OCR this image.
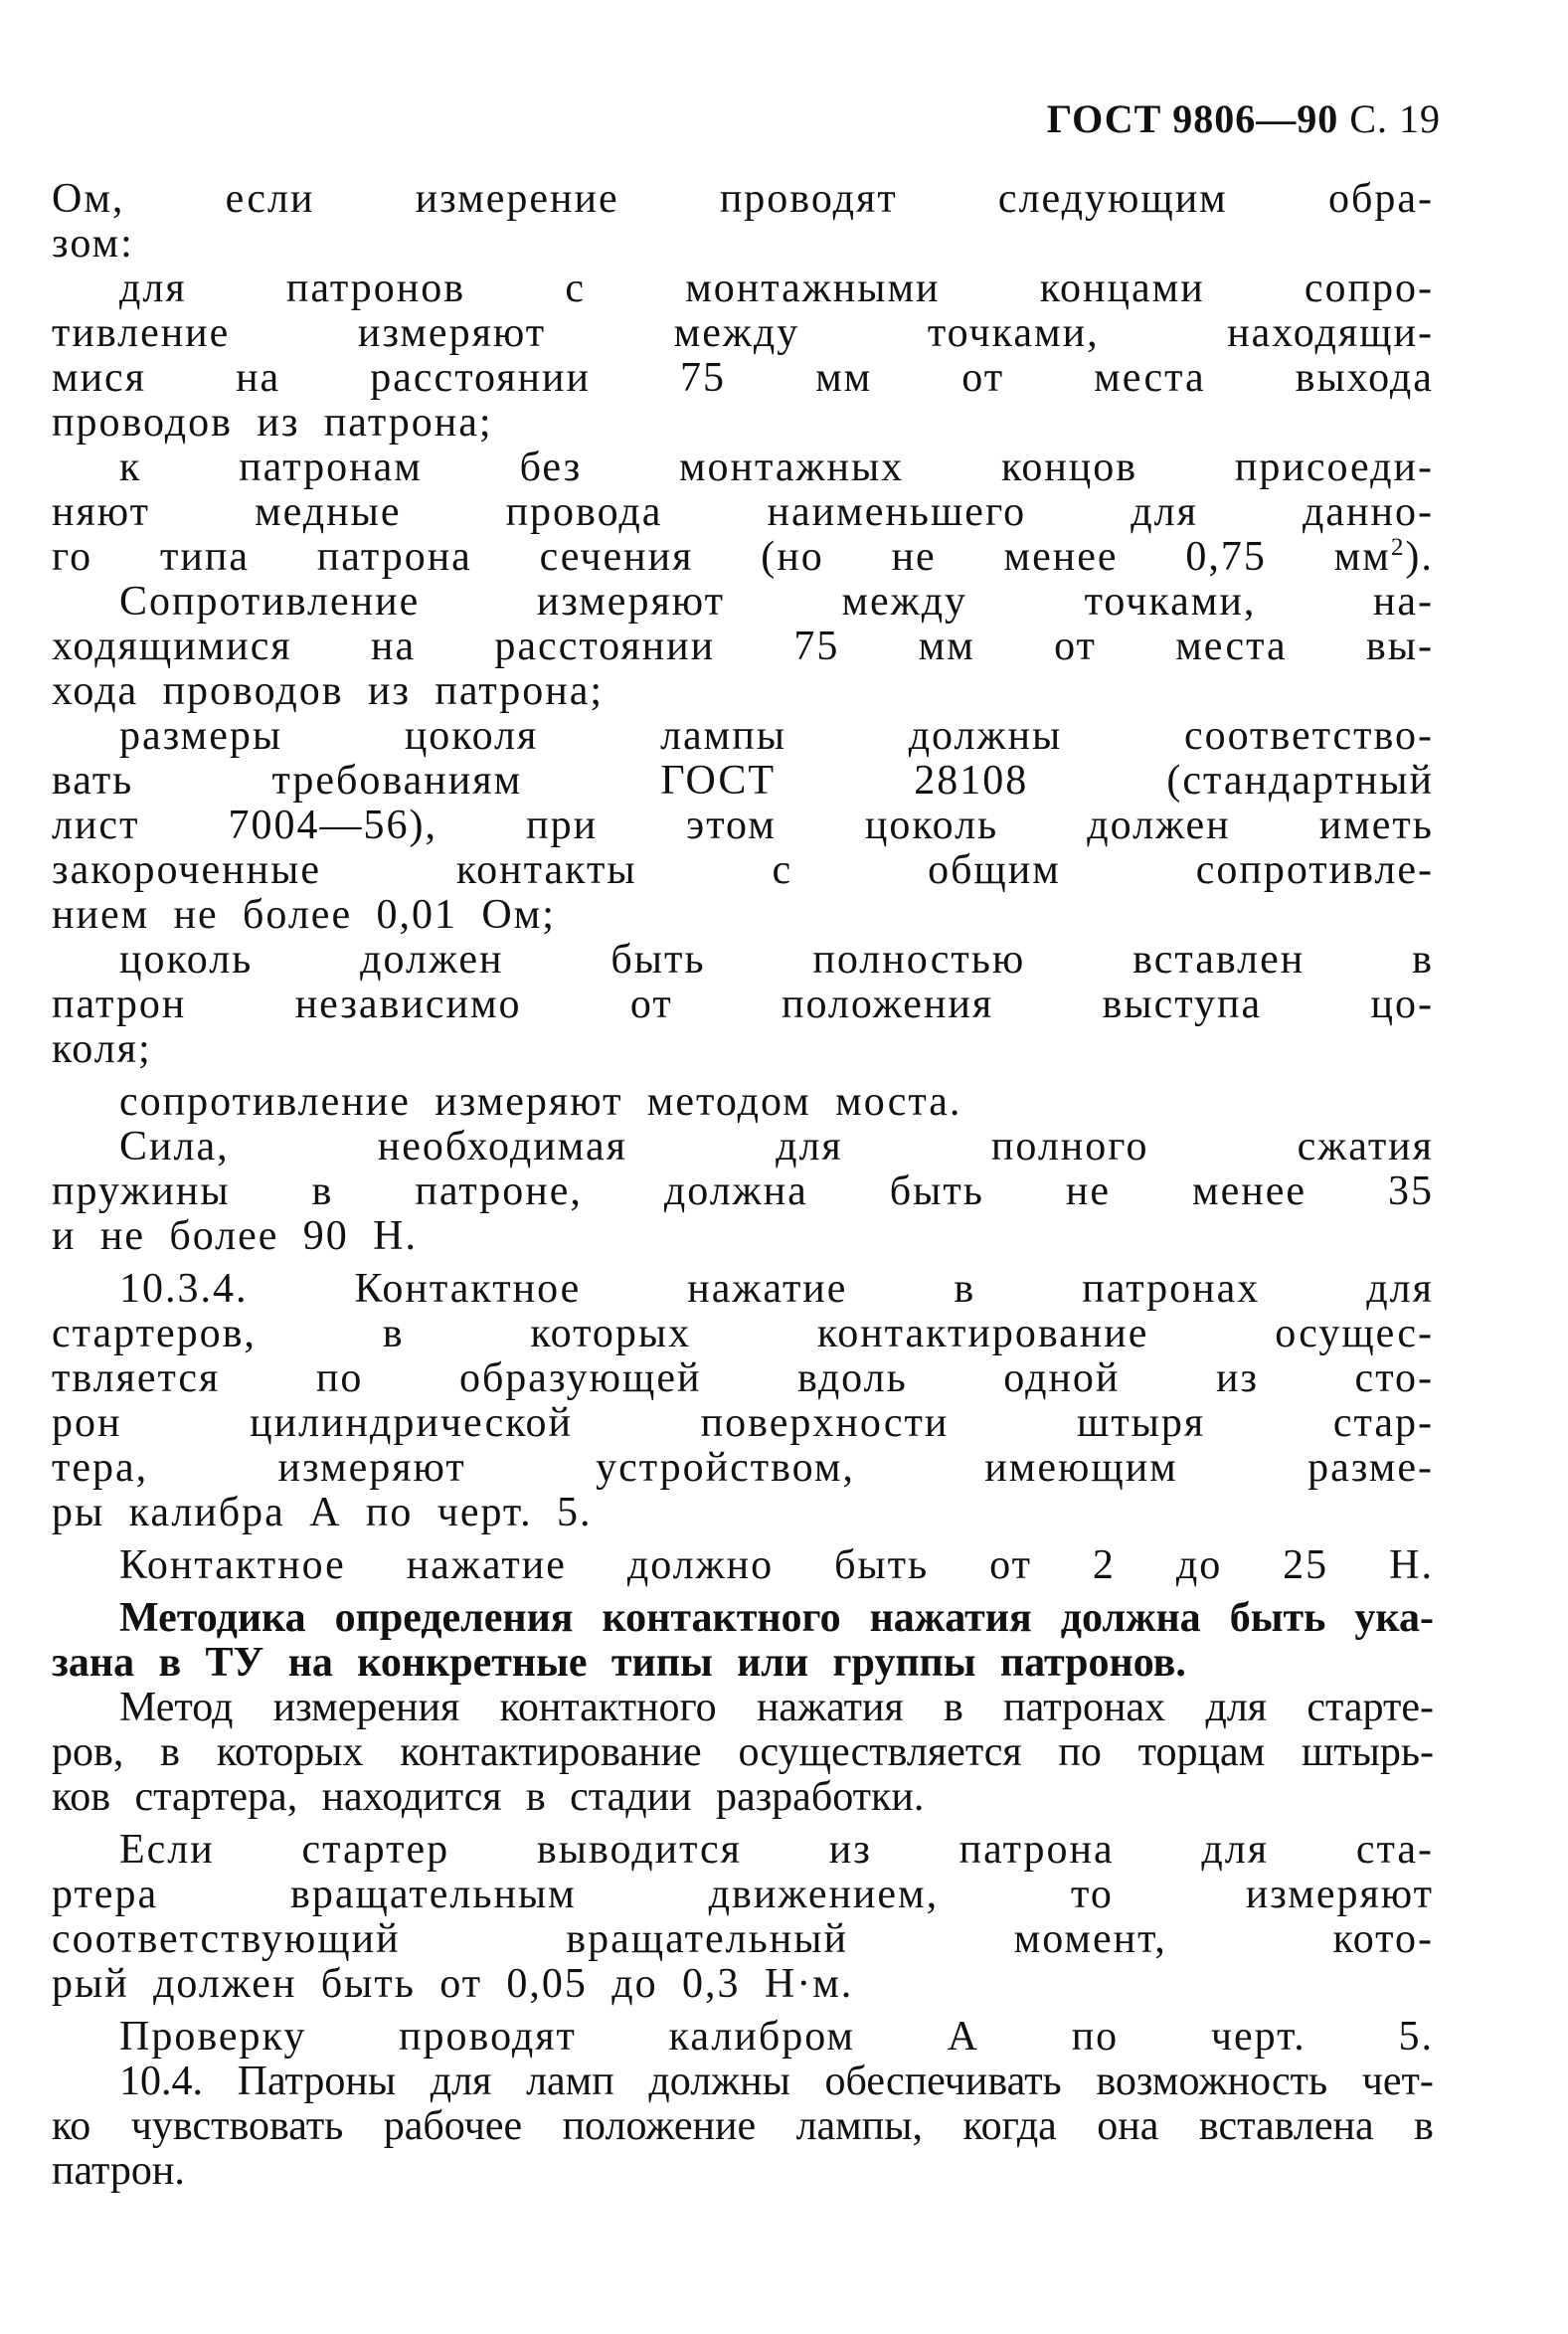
ГОСТ 9806—90 С. 19
Ом, если измерение проводят следующим обра-
зом:
для патронов с монтажными концами сопро-
тивление	измеряют	между	точками,	находящи-
мися на расстоянии 75 мм от места выхода
проводов из патрона;
к патронам без монтажных концов присоеди-
няют	медные	провода	наименьшего	для	данно-
го типа патрона сечения (но не менее 0,75 $мм^2$).
Сопротивление	измеряют	между	точками,	на-
ходящимися на расстоянии 75 мм от места вы-
хода проводов из патрона;
размеры	цоколя	лампы	должны	соответство-
вать	требованиям	ГОСТ	28108	(стандартный
лист 7004—56), при этом цоколь должен иметь
закороченные	контакты	с	общим	сопротивле-
нием не более 0,01 Ом;
цоколь	должен	быть	полностью	вставлен	в
патрон	независимо	от	положения	выступа	цо-
коля;
сопротивление измеряют методом моста.
Сила,	необходимая	для	полного	сжатия
пружины в патроне, должна быть не менее 35
и не более 90 Н.
10.3.4.	Контактное	нажатие	в	патронах	для
стартеров,	в	которых	контактирование	осущес-
твляется по образующей вдоль одной из сто-
рон	цилиндрической	поверхности	штыря	стар-
тера,	измеряют	устройством,	имеющим	разме-
ры калибра А по черт. 5.
Контактное нажатие должно быть от 2 до 25 Н.
Методика определения контактного нажатия должна быть ука-
зана в ТУ на конкретные типы или группы патронов.
Метод измерения контактного нажатия в патронах для старте-
ров, в которых контактирование осуществляется по торцам штырь-
ков стартера, находится в стадии разработки.
Если стартер выводится из патрона для ста-
ртера	вращательным	движением,	то	измеряют
соответствующий	вращательный	момент,	кото-
рый должен быть от 0,05 до 0,3 Н·м.
Проверку проводят калибром А по черт. 5.
10.4. Патроны для ламп должны обеспечивать возможность чет-
ко чувствовать рабочее положение лампы, когда она вставлена в
патрон.
